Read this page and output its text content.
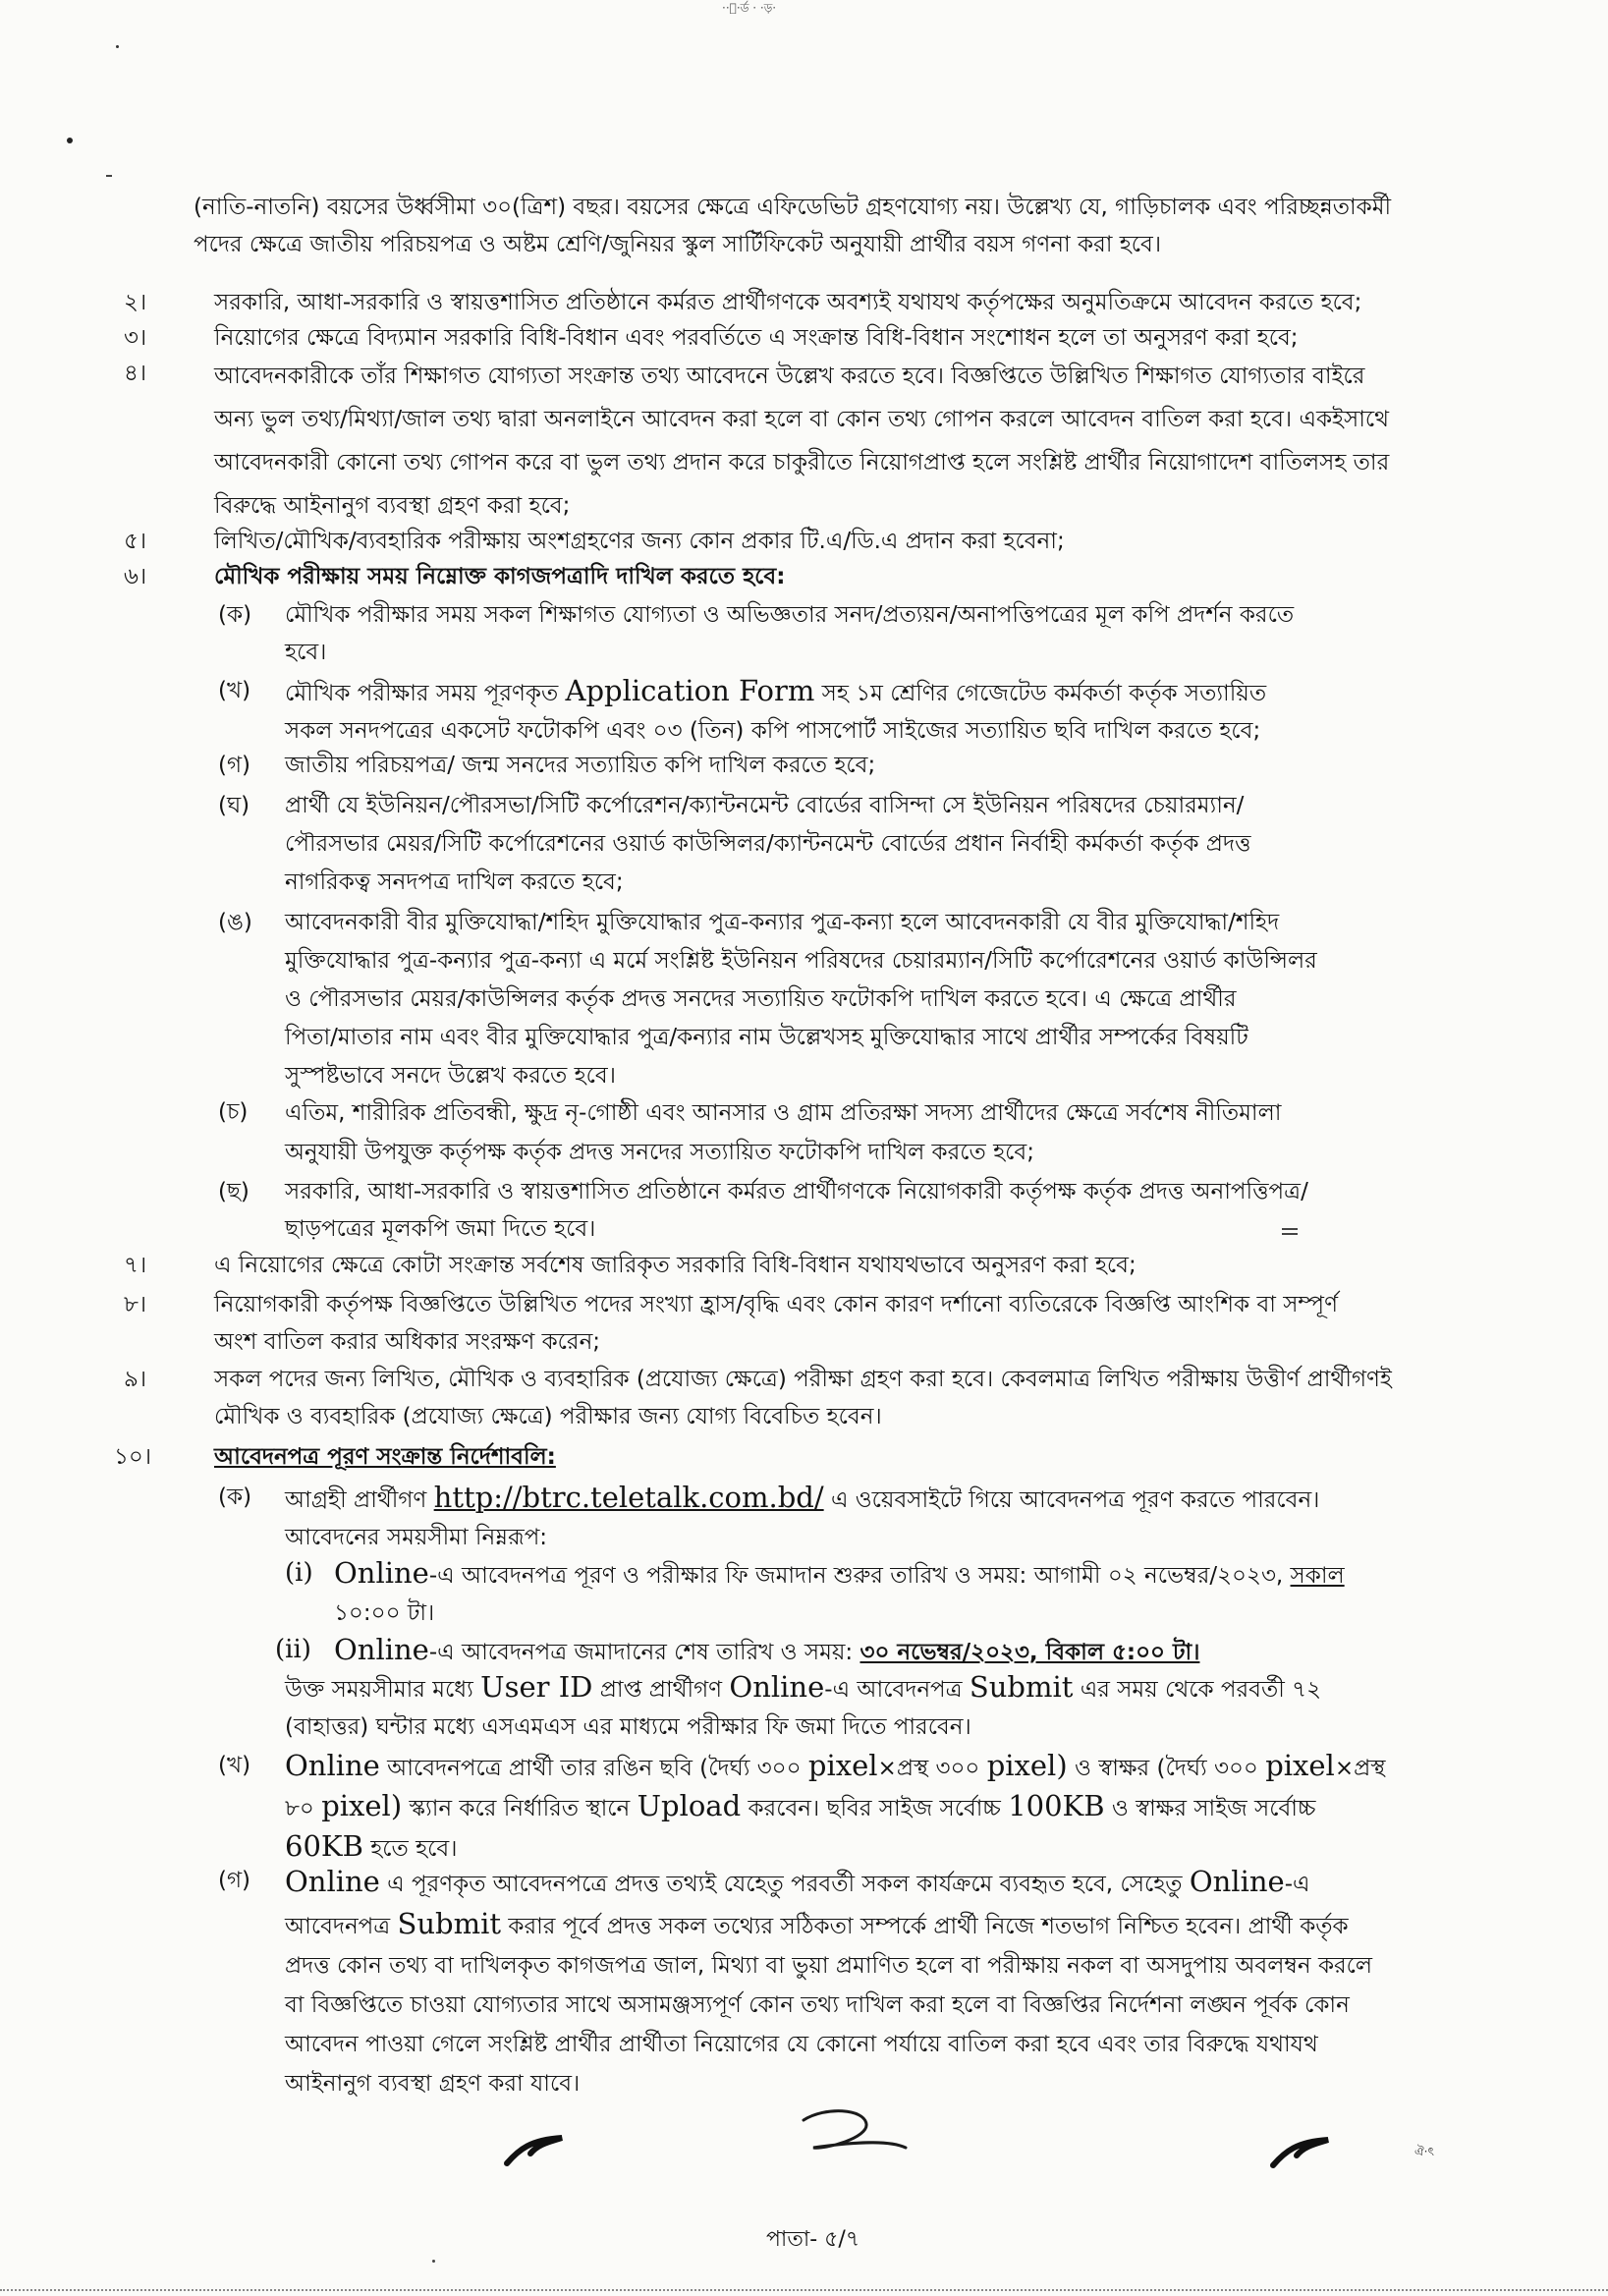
··ৃ·র্ড · ·ড়·
(নাতি-নাতনি) বয়সের উর্ধ্বসীমা ৩০(ত্রিশ) বছর। বয়সের ক্ষেত্রে এফিডেভিট গ্রহণযোগ্য নয়। উল্লেখ্য যে, গাড়িচালক এবং পরিচ্ছন্নতাকর্মী
পদের ক্ষেত্রে জাতীয় পরিচয়পত্র ও অষ্টম শ্রেণি/জুনিয়র স্কুল সার্টিফিকেট অনুযায়ী প্রার্থীর বয়স গণনা করা হবে।
২।	সরকারি, আধা-সরকারি ও স্বায়ত্তশাসিত প্রতিষ্ঠানে কর্মরত প্রার্থীগণকে অবশ্যই যথাযথ কর্তৃপক্ষের অনুমতিক্রমে আবেদন করতে হবে;
৩।	নিয়োগের ক্ষেত্রে বিদ্যমান সরকারি বিধি-বিধান এবং পরবর্তিতে এ সংক্রান্ত বিধি-বিধান সংশোধন হলে তা অনুসরণ করা হবে;
৪।	আবেদনকারীকে তাঁর শিক্ষাগত যোগ্যতা সংক্রান্ত তথ্য আবেদনে উল্লেখ করতে হবে। বিজ্ঞপ্তিতে উল্লিখিত শিক্ষাগত যোগ্যতার বাইরে
অন্য ভুল তথ্য/মিথ্যা/জাল তথ্য দ্বারা অনলাইনে আবেদন করা হলে বা কোন তথ্য গোপন করলে আবেদন বাতিল করা হবে। একইসাথে
আবেদনকারী কোনো তথ্য গোপন করে বা ভুল তথ্য প্রদান করে চাকুরীতে নিয়োগপ্রাপ্ত হলে সংশ্লিষ্ট প্রার্থীর নিয়োগাদেশ বাতিলসহ তার
বিরুদ্ধে আইনানুগ ব্যবস্থা গ্রহণ করা হবে;
৫।	লিখিত/মৌখিক/ব্যবহারিক পরীক্ষায় অংশগ্রহণের জন্য কোন প্রকার টি.এ/ডি.এ প্রদান করা হবেনা;
৬।	মৌখিক পরীক্ষায় সময় নিম্নোক্ত কাগজপত্রাদি দাখিল করতে হবে:
(ক) মৌখিক পরীক্ষার সময় সকল শিক্ষাগত যোগ্যতা ও অভিজ্ঞতার সনদ/প্রত্যয়ন/অনাপত্তিপত্রের মূল কপি প্রদর্শন করতে
হবে।
(খ) মৌখিক পরীক্ষার সময় পূরণকৃত Application Form সহ ১ম শ্রেণির গেজেটেড কর্মকর্তা কর্তৃক সত্যায়িত
সকল সনদপত্রের একসেট ফটোকপি এবং ০৩ (তিন) কপি পাসপোর্ট সাইজের সত্যায়িত ছবি দাখিল করতে হবে;
(গ) জাতীয় পরিচয়পত্র/ জন্ম সনদের সত্যায়িত কপি দাখিল করতে হবে;
(ঘ) প্রার্থী যে ইউনিয়ন/পৌরসভা/সিটি কর্পোরেশন/ক্যান্টনমেন্ট বোর্ডের বাসিন্দা সে ইউনিয়ন পরিষদের চেয়ারম্যান/
পৌরসভার মেয়র/সিটি কর্পোরেশনের ওয়ার্ড কাউন্সিলর/ক্যান্টনমেন্ট বোর্ডের প্রধান নির্বাহী কর্মকর্তা কর্তৃক প্রদত্ত
নাগরিকত্ব সনদপত্র দাখিল করতে হবে;
(ঙ) আবেদনকারী বীর মুক্তিযোদ্ধা/শহিদ মুক্তিযোদ্ধার পুত্র-কন্যার পুত্র-কন্যা হলে আবেদনকারী যে বীর মুক্তিযোদ্ধা/শহিদ
মুক্তিযোদ্ধার পুত্র-কন্যার পুত্র-কন্যা এ মর্মে সংশ্লিষ্ট ইউনিয়ন পরিষদের চেয়ারম্যান/সিটি কর্পোরেশনের ওয়ার্ড কাউন্সিলর
ও পৌরসভার মেয়র/কাউন্সিলর কর্তৃক প্রদত্ত সনদের সত্যায়িত ফটোকপি দাখিল করতে হবে। এ ক্ষেত্রে প্রার্থীর
পিতা/মাতার নাম এবং বীর মুক্তিযোদ্ধার পুত্র/কন্যার নাম উল্লেখসহ মুক্তিযোদ্ধার সাথে প্রার্থীর সম্পর্কের বিষয়টি
সুস্পষ্টভাবে সনদে উল্লেখ করতে হবে।
(চ) এতিম, শারীরিক প্রতিবন্ধী, ক্ষুদ্র নৃ-গোষ্ঠী এবং আনসার ও গ্রাম প্রতিরক্ষা সদস্য প্রার্থীদের ক্ষেত্রে সর্বশেষ নীতিমালা
অনুযায়ী উপযুক্ত কর্তৃপক্ষ কর্তৃক প্রদত্ত সনদের সত্যায়িত ফটোকপি দাখিল করতে হবে;
(ছ) সরকারি, আধা-সরকারি ও স্বায়ত্তশাসিত প্রতিষ্ঠানে কর্মরত প্রার্থীগণকে নিয়োগকারী কর্তৃপক্ষ কর্তৃক প্রদত্ত অনাপত্তিপত্র/
ছাড়পত্রের মূলকপি জমা দিতে হবে।
৭।	এ নিয়োগের ক্ষেত্রে কোটা সংক্রান্ত সর্বশেষ জারিকৃত সরকারি বিধি-বিধান যথাযথভাবে অনুসরণ করা হবে;
৮।	নিয়োগকারী কর্তৃপক্ষ বিজ্ঞপ্তিতে উল্লিখিত পদের সংখ্যা হ্রাস/বৃদ্ধি এবং কোন কারণ দর্শানো ব্যতিরেকে বিজ্ঞপ্তি আংশিক বা সম্পূর্ণ
অংশ বাতিল করার অধিকার সংরক্ষণ করেন;
৯।	সকল পদের জন্য লিখিত, মৌখিক ও ব্যবহারিক (প্রযোজ্য ক্ষেত্রে) পরীক্ষা গ্রহণ করা হবে। কেবলমাত্র লিখিত পরীক্ষায় উত্তীর্ণ প্রার্থীগণই
মৌখিক ও ব্যবহারিক (প্রযোজ্য ক্ষেত্রে) পরীক্ষার জন্য যোগ্য বিবেচিত হবেন।
১০।	আবেদনপত্র পূরণ সংক্রান্ত নির্দেশাবলি:
(ক) আগ্রহী প্রার্থীগণ http://btrc.teletalk.com.bd/ এ ওয়েবসাইটে গিয়ে আবেদনপত্র পূরণ করতে পারবেন।
আবেদনের সময়সীমা নিম্নরূপ:
(i) Online-এ আবেদনপত্র পূরণ ও পরীক্ষার ফি জমাদান শুরুর তারিখ ও সময়: আগামী ০২ নভেম্বর/২০২৩, সকাল
১০:০০ টা।
(ii) Online-এ আবেদনপত্র জমাদানের শেষ তারিখ ও সময়: ৩০ নভেম্বর/২০২৩, বিকাল ৫:০০ টা।
উক্ত সময়সীমার মধ্যে User ID প্রাপ্ত প্রার্থীগণ Online-এ আবেদনপত্র Submit এর সময় থেকে পরবর্তী ৭২
(বাহাত্তর) ঘন্টার মধ্যে এসএমএস এর মাধ্যমে পরীক্ষার ফি জমা দিতে পারবেন।
(খ) Online আবেদনপত্রে প্রার্থী তার রঙিন ছবি (দৈর্ঘ্য ৩০০ pixel×প্রস্থ ৩০০ pixel) ও স্বাক্ষর (দৈর্ঘ্য ৩০০ pixel×প্রস্থ
৮০ pixel) স্ক্যান করে নির্ধারিত স্থানে Upload করবেন। ছবির সাইজ সর্বোচ্চ 100KB ও স্বাক্ষর সাইজ সর্বোচ্চ
60KB হতে হবে।
(গ) Online এ পূরণকৃত আবেদনপত্রে প্রদত্ত তথ্যই যেহেতু পরবর্তী সকল কার্যক্রমে ব্যবহৃত হবে, সেহেতু Online-এ
আবেদনপত্র Submit করার পূর্বে প্রদত্ত সকল তথ্যের সঠিকতা সম্পর্কে প্রার্থী নিজে শতভাগ নিশ্চিত হবেন। প্রার্থী কর্তৃক
প্রদত্ত কোন তথ্য বা দাখিলকৃত কাগজপত্র জাল, মিথ্যা বা ভুয়া প্রমাণিত হলে বা পরীক্ষায় নকল বা অসদুপায় অবলম্বন করলে
বা বিজ্ঞপ্তিতে চাওয়া যোগ্যতার সাথে অসামঞ্জস্যপূর্ণ কোন তথ্য দাখিল করা হলে বা বিজ্ঞপ্তির নির্দেশনা লঙ্ঘন পূর্বক কোন
আবেদন পাওয়া গেলে সংশ্লিষ্ট প্রার্থীর প্রার্থীতা নিয়োগের যে কোনো পর্যায়ে বাতিল করা হবে এবং তার বিরুদ্ধে যথাযথ
আইনানুগ ব্যবস্থা গ্রহণ করা যাবে।
ঐ·ৎ
পাতা- ৫/৭
